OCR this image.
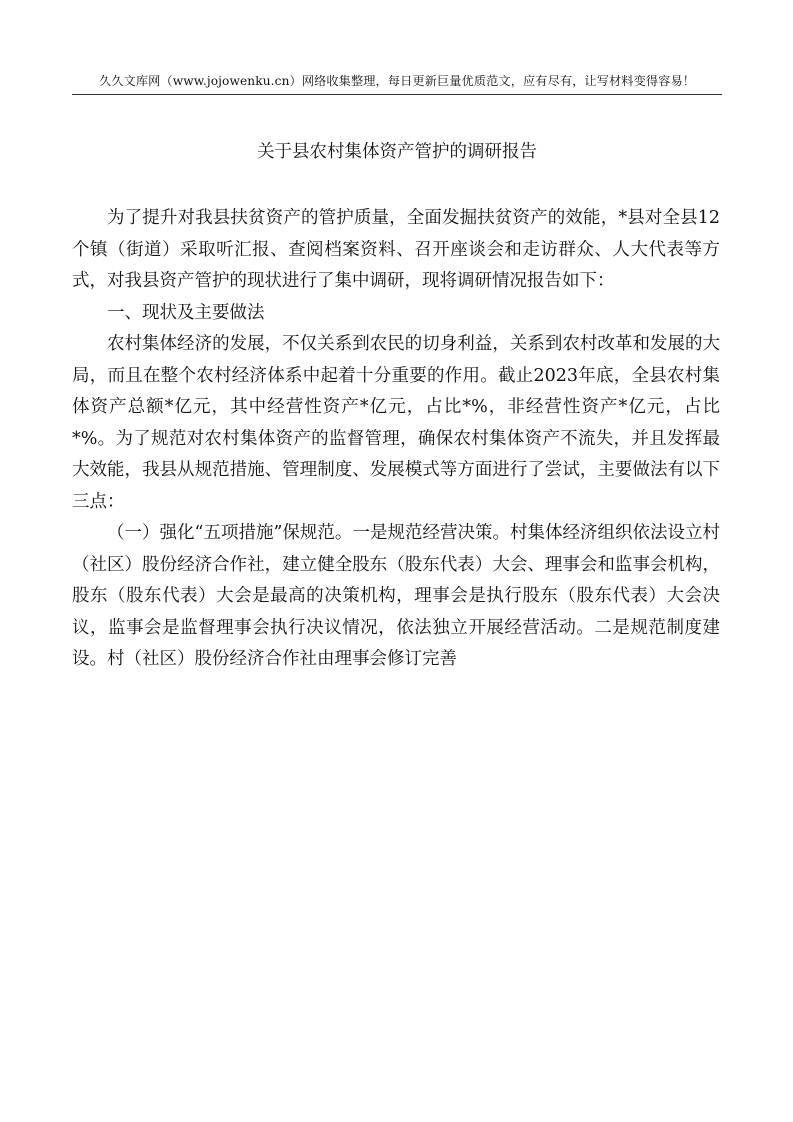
久久文库网（www.jojowenku.cn）网络收集整理，每日更新巨量优质范文，应有尽有，让写材料变得容易！
关于县农村集体资产管护的调研报告

为了提升对我县扶贫资产的管护质量，全面发掘扶贫资产的效能，*县对全县12个镇（街道）采取听汇报、查阅档案资料、召开座谈会和走访群众、人大代表等方式，对我县资产管护的现状进行了集中调研，现将调研情况报告如下：

一、现状及主要做法

农村集体经济的发展，不仅关系到农民的切身利益，关系到农村改革和发展的大局，而且在整个农村经济体系中起着十分重要的作用。截止2023年底，全县农村集体资产总额*亿元，其中经营性资产*亿元，占比*%，非经营性资产*亿元，占比*%。为了规范对农村集体资产的监督管理，确保农村集体资产不流失，并且发挥最大效能，我县从规范措施、管理制度、发展模式等方面进行了尝试，主要做法有以下三点：

（一）强化“五项措施”保规范。一是规范经营决策。村集体经济组织依法设立村（社区）股份经济合作社，建立健全股东（股东代表）大会、理事会和监事会机构，股东（股东代表）大会是最高的决策机构，理事会是执行股东（股东代表）大会决议，监事会是监督理事会执行决议情况，依法独立开展经营活动。二是规范制度建设。村（社区）股份经济合作社由理事会修订完善
